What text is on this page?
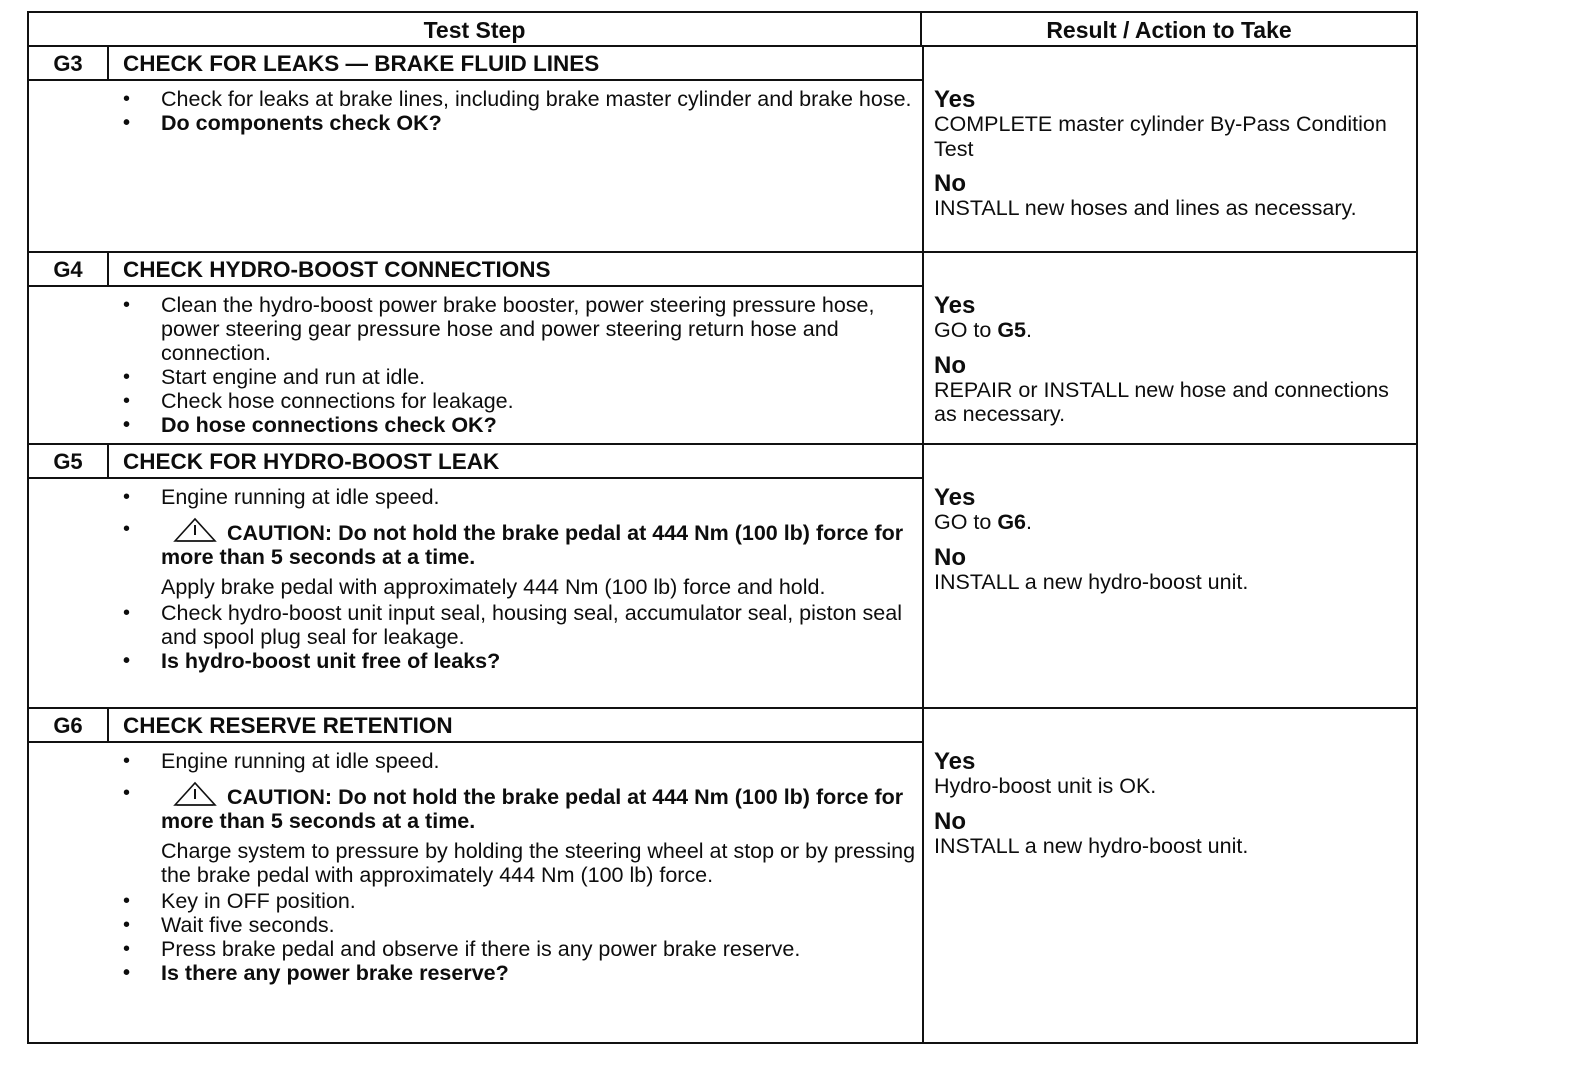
Test Step	Result / Action to Take
G3	CHECK FOR LEAKS — BRAKE FLUID LINES
• Check for leaks at brake lines, including brake master cylinder and brake hose.
• Do components check OK?
Yes
COMPLETE master cylinder By-Pass Condition Test
No
INSTALL new hoses and lines as necessary.
G4	CHECK HYDRO-BOOST CONNECTIONS
• Clean the hydro-boost power brake booster, power steering pressure hose, power steering gear pressure hose and power steering return hose and connection.
• Start engine and run at idle.
• Check hose connections for leakage.
• Do hose connections check OK?
Yes
GO to G5.
No
REPAIR or INSTALL new hose and connections as necessary.
G5	CHECK FOR HYDRO-BOOST LEAK
• Engine running at idle speed.
• CAUTION: Do not hold the brake pedal at 444 Nm (100 lb) force for more than 5 seconds at a time.
Apply brake pedal with approximately 444 Nm (100 lb) force and hold.
• Check hydro-boost unit input seal, housing seal, accumulator seal, piston seal and spool plug seal for leakage.
• Is hydro-boost unit free of leaks?
Yes
GO to G6.
No
INSTALL a new hydro-boost unit.
G6	CHECK RESERVE RETENTION
• Engine running at idle speed.
• CAUTION: Do not hold the brake pedal at 444 Nm (100 lb) force for more than 5 seconds at a time.
Charge system to pressure by holding the steering wheel at stop or by pressing the brake pedal with approximately 444 Nm (100 lb) force.
• Key in OFF position.
• Wait five seconds.
• Press brake pedal and observe if there is any power brake reserve.
• Is there any power brake reserve?
Yes
Hydro-boost unit is OK.
No
INSTALL a new hydro-boost unit.
